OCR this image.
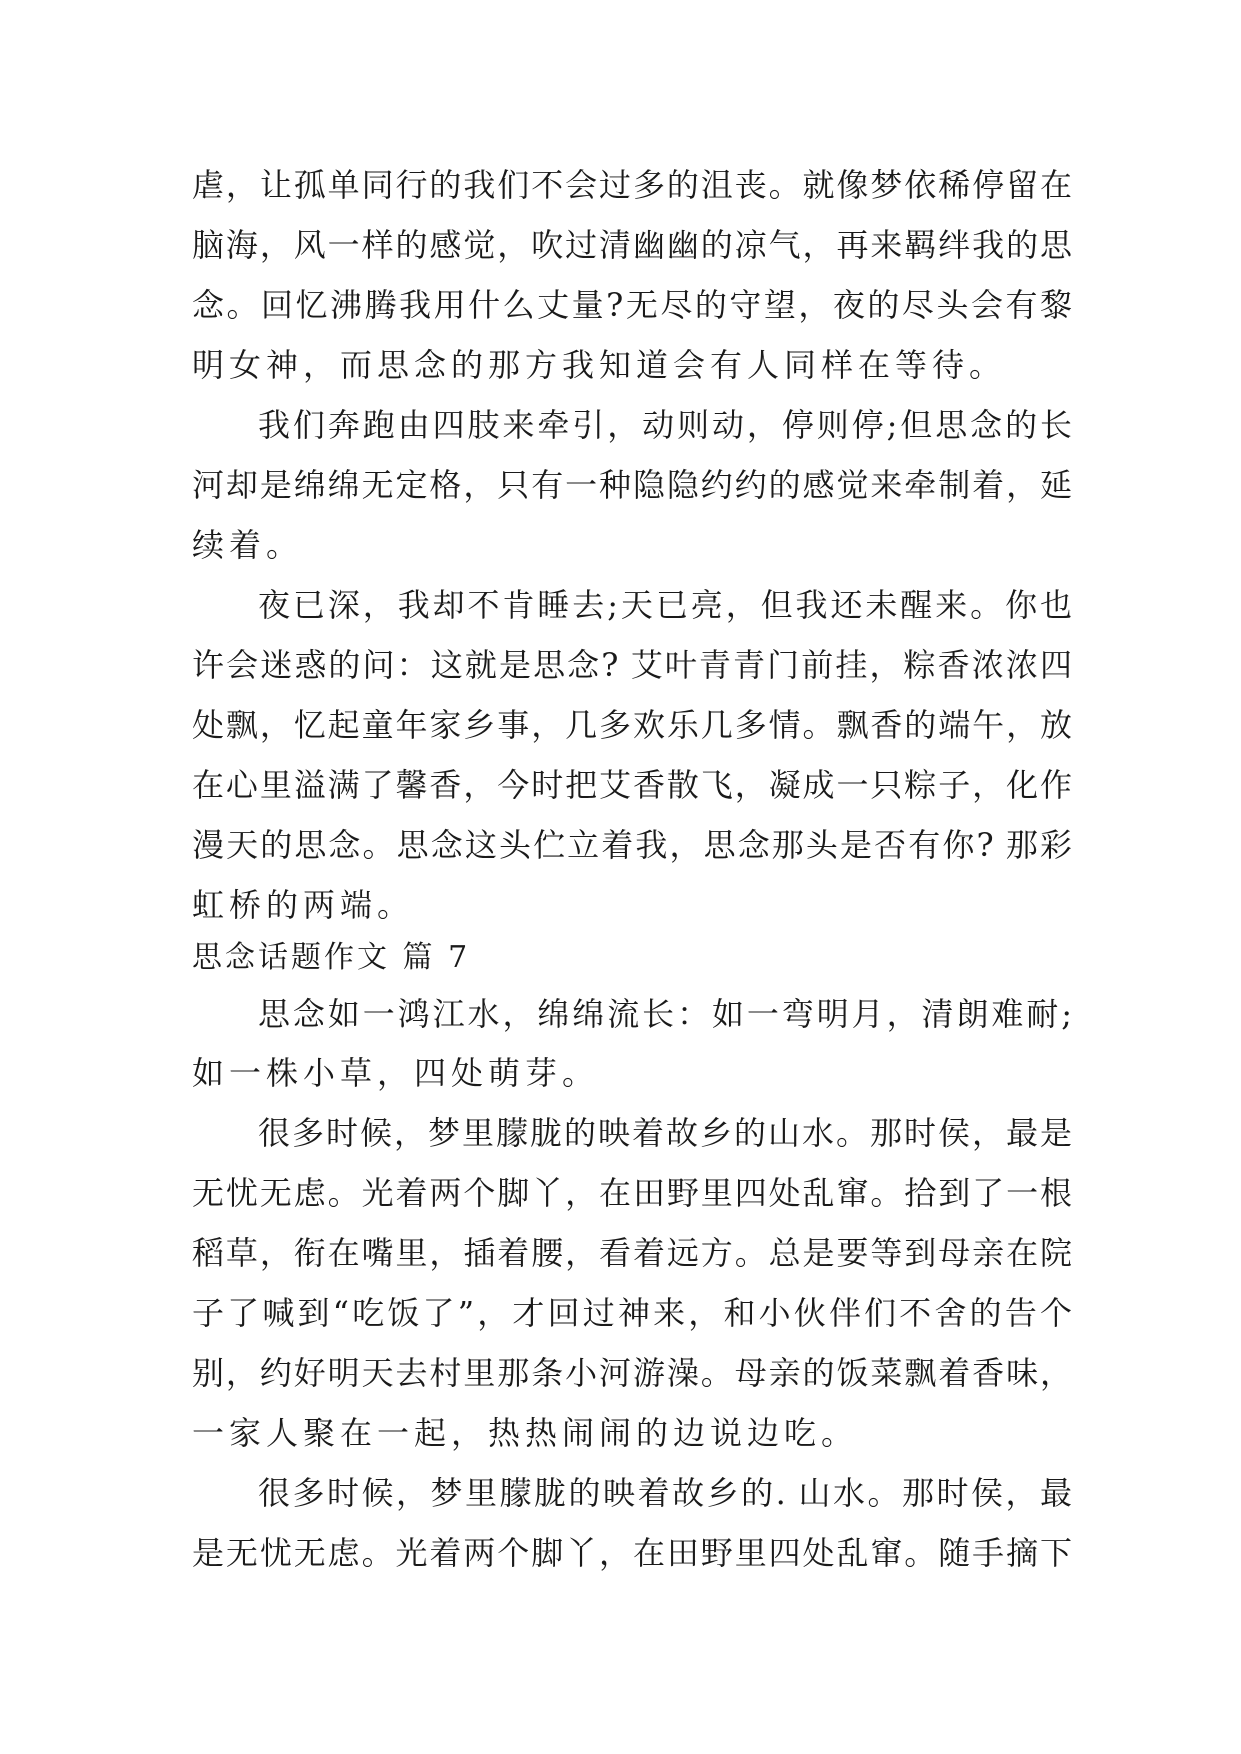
虐，让孤单同行的我们不会过多的沮丧。就像梦依稀停留在
脑海，风一样的感觉，吹过清幽幽的凉气，再来羁绊我的思
念。回忆沸腾我用什么丈量?无尽的守望，夜的尽头会有黎
明女神，而思念的那方我知道会有人同样在等待。
我们奔跑由四肢来牵引，动则动，停则停;但思念的长
河却是绵绵无定格，只有一种隐隐约约的感觉来牵制着，延
续着。
夜已深，我却不肯睡去;天已亮，但我还未醒来。你也
许会迷惑的问：这就是思念? 艾叶青青门前挂，粽香浓浓四
处飘，忆起童年家乡事，几多欢乐几多情。飘香的端午，放
在心里溢满了馨香，今时把艾香散飞，凝成一只粽子，化作
漫天的思念。思念这头伫立着我，思念那头是否有你? 那彩
虹桥的两端。
思念话题作文 篇 7
思念如一鸿江水，绵绵流长：如一弯明月，清朗难耐;
如一株小草，四处萌芽。
很多时候，梦里朦胧的映着故乡的山水。那时侯，最是
无忧无虑。光着两个脚丫，在田野里四处乱窜。拾到了一根
稻草，衔在嘴里，插着腰，看着远方。总是要等到母亲在院
子了喊到“吃饭了”，才回过神来，和小伙伴们不舍的告个
别，约好明天去村里那条小河游澡。母亲的饭菜飘着香味，
一家人聚在一起，热热闹闹的边说边吃。
很多时候，梦里朦胧的映着故乡的. 山水。那时侯，最
是无忧无虑。光着两个脚丫，在田野里四处乱窜。随手摘下
